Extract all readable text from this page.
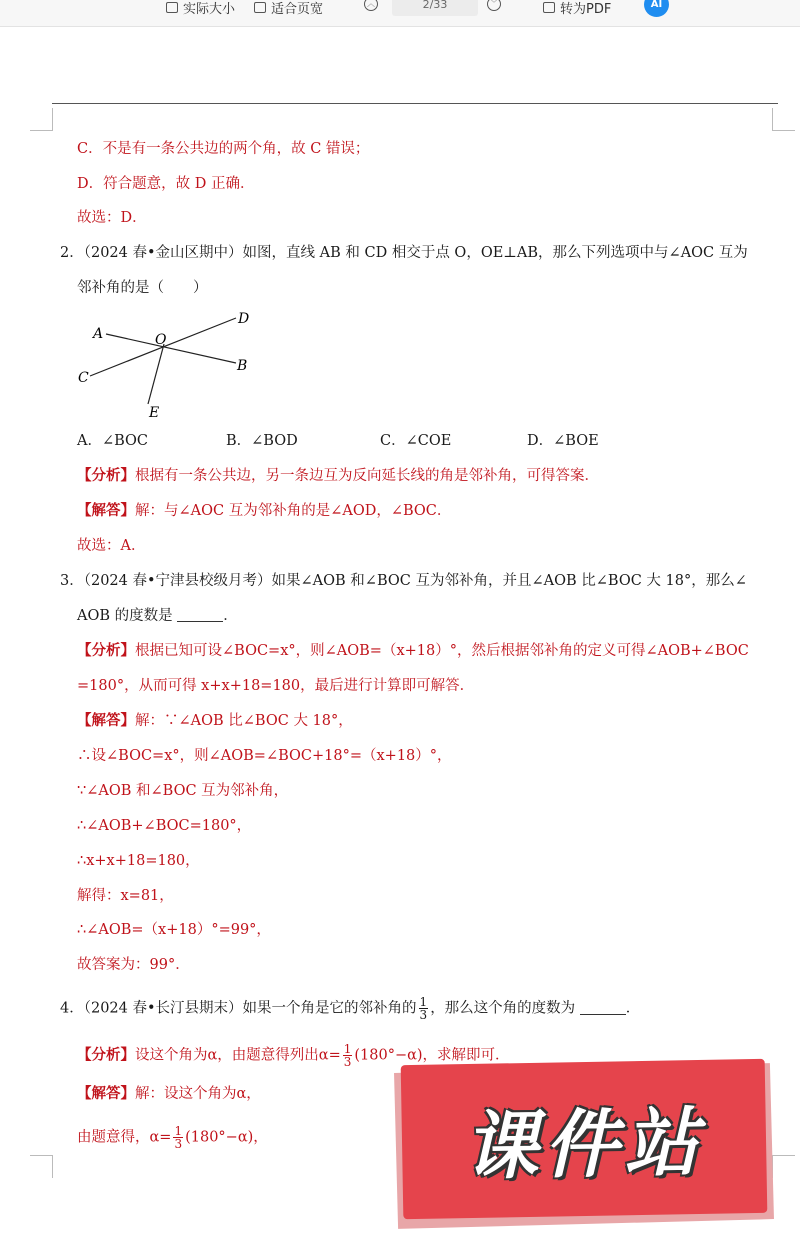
实际大小	适合页宽	︿	2/33	﹀	转为PDF	AI
C．不是有一条公共边的两个角，故 C 错误；
D．符合题意，故 D 正确．
故选：D．
2．（2024 春•金山区期中）如图，直线 AB 和 CD 相交于点 O，OE⊥AB，那么下列选项中与∠AOC 互为
邻补角的是（　　）
A	O
D
C
B
E
A．∠BOC	B．∠BOD	C．∠COE	D．∠BOE
【分析】根据有一条公共边，另一条边互为反向延长线的角是邻补角，可得答案．
【解答】解：与∠AOC 互为邻补角的是∠AOD，∠BOC．
故选：A．
3．（2024 春•宁津县校级月考）如果∠AOB 和∠BOC 互为邻补角，并且∠AOB 比∠BOC 大 18°，那么∠
AOB 的度数是	．
【分析】根据已知可设∠BOC=x°，则∠AOB=（x+18）°，然后根据邻补角的定义可得∠AOB+∠BOC
=180°，从而可得 x+x+18=180，最后进行计算即可解答．
【解答】解：∵∠AOB 比∠BOC 大 18°，
∴设∠BOC=x°，则∠AOB=∠BOC+18°=（x+18）°，
∵∠AOB 和∠BOC 互为邻补角，
∴∠AOB+∠BOC=180°，
∴x+x+18=180，
解得：x=81，
∴∠AOB=（x+18）°=99°，
故答案为：99°．
4．（2024 春•长汀县期末）如果一个角是它的邻补角的 $\frac{1}{3}$ ，那么这个角的度数为	．
【分析】设这个角为α，由题意得列出$\alpha= \frac{1}{3} (180^\circ-\alpha)$，求解即可．
【解答】解：设这个角为α，
由题意得，$\alpha= \frac{1}{3} (180^\circ-\alpha)$，	课件站
